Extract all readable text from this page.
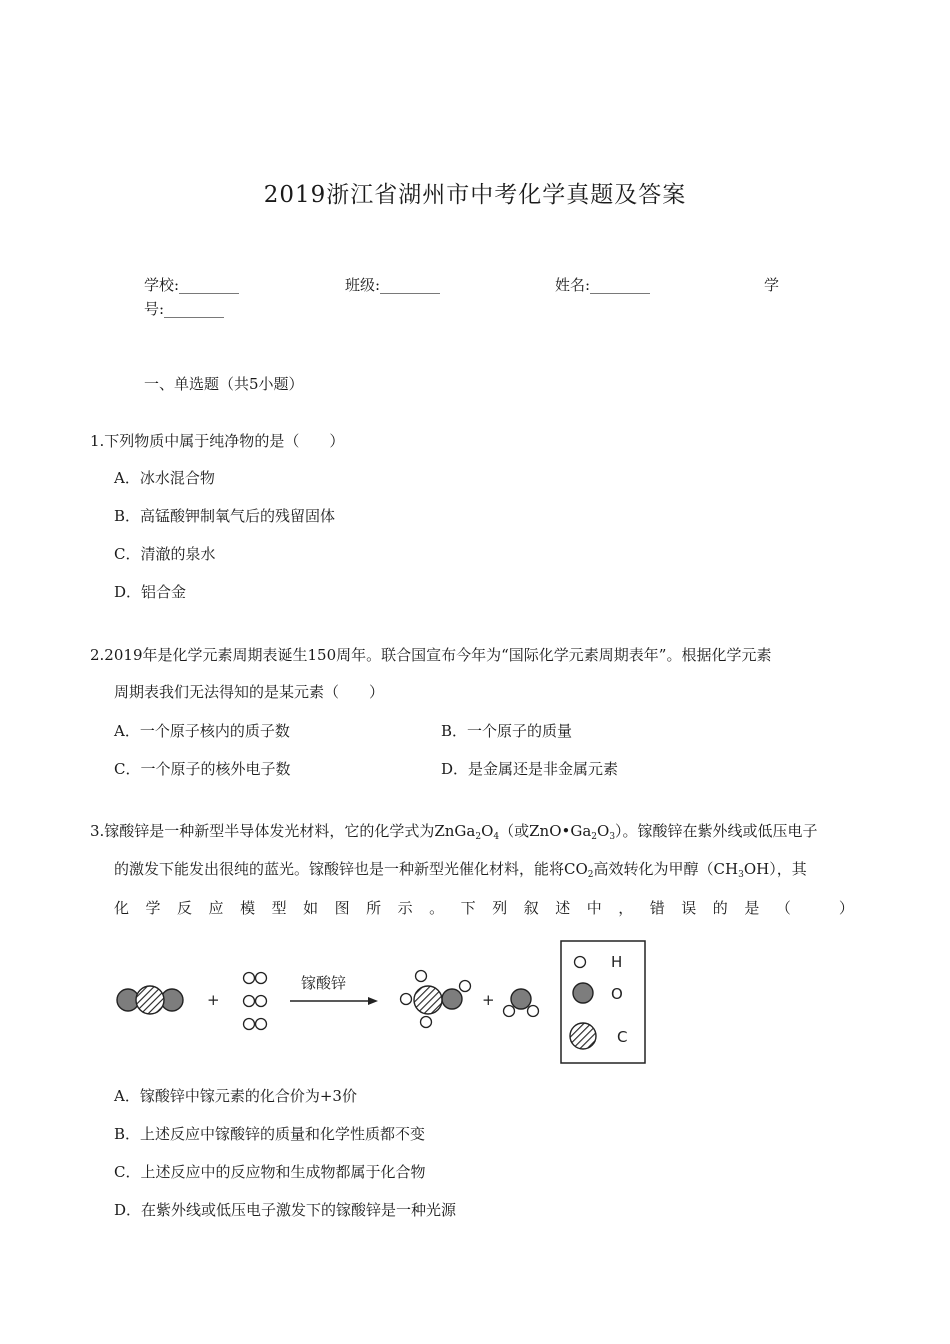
2019浙江省湖州市中考化学真题及答案
学校:________	班级:________	姓名:________	学
号:________
一、单选题（共5小题）
1.下列物质中属于纯净物的是（　　）
A．冰水混合物
B．高锰酸钾制氧气后的残留固体
C．清澈的泉水
D．铝合金
2.2019年是化学元素周期表诞生150周年。联合国宣布今年为“国际化学元素周期表年”。根据化学元素
周期表我们无法得知的是某元素（　　）
A．一个原子核内的质子数	B．一个原子的质量
C．一个原子的核外电子数	D．是金属还是非金属元素
3.镓酸锌是一种新型半导体发光材料，它的化学式为$ZnGa_2O_4$（或$ZnO•Ga_2O_3$）。镓酸锌在紫外线或低压电子
的激发下能发出很纯的蓝光。镓酸锌也是一种新型光催化材料，能将$CO_2$高效转化为甲醇$(CH_3OH)$，其
化 学 反 应 模 型 如 图 所 示 。 下 列 叙 述 中 ， 错 误 的 是 （
　	）
+
镓酸锌
+
H
O
C
A．镓酸锌中镓元素的化合价为+3价
B．上述反应中镓酸锌的质量和化学性质都不变
C．上述反应中的反应物和生成物都属于化合物
D．在紫外线或低压电子激发下的镓酸锌是一种光源
